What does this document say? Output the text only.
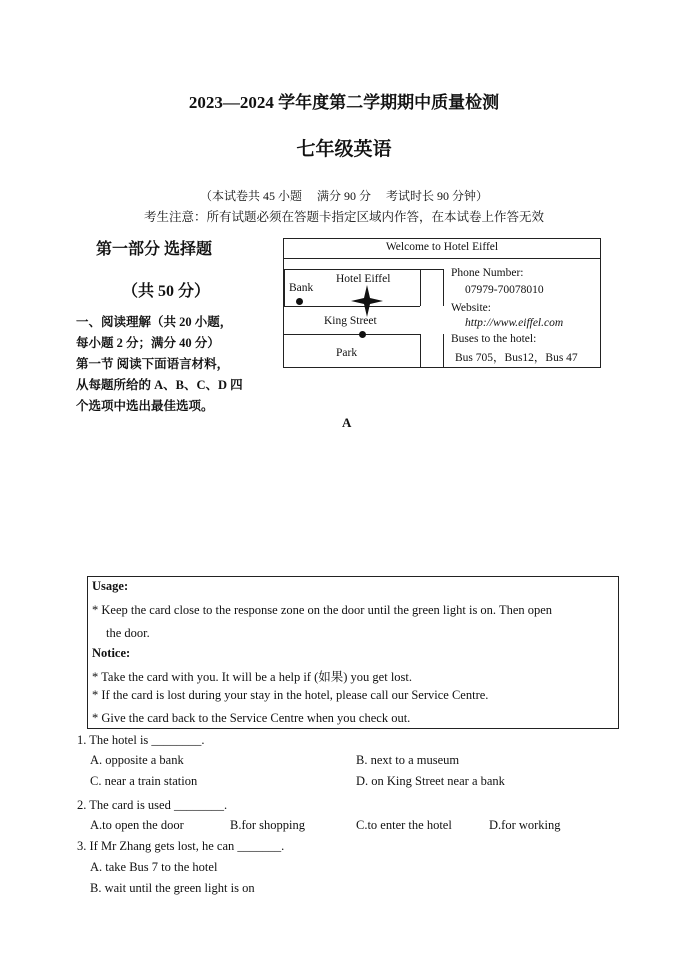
2023—2024 学年度第二学期期中质量检测
七年级英语
（本试卷共 45 小题　 满分 90 分　 考试时长 90 分钟）
考生注意：所有试题必须在答题卡指定区域内作答，在本试卷上作答无效
第一部分 选择题
（共 50 分）
一、阅读理解（共 20 小题，
每小题 2 分；满分 40 分）
第一节 阅读下面语言材料，
从每题所给的 A、B、C、D 四
个选项中选出最佳选项。
Welcome to Hotel Eiffel
Bank
Hotel Eiffel
King Street
Park
Phone Number:
07979-70078010
Website:
http://www.eiffel.com
Buses to the hotel:
Bus 705，Bus12，Bus 47
A
Usage:
* Keep the card close to the response zone on the door until the green light is on. Then open
the door.
Notice:
* Take the card with you. It will be a help if (如果) you get lost.
* If the card is lost during your stay in the hotel, please call our Service Centre.
* Give the card back to the Service Centre when you check out.
1. The hotel is ________.
A. opposite a bank	B. next to a museum
C. near a train station	D. on King Street near a bank
2. The card is used ________.
A.to open the door	B.for shopping	C.to enter the hotel	D.for working
3. If Mr Zhang gets lost, he can _______.
A. take Bus 7 to the hotel
B. wait until the green light is on
